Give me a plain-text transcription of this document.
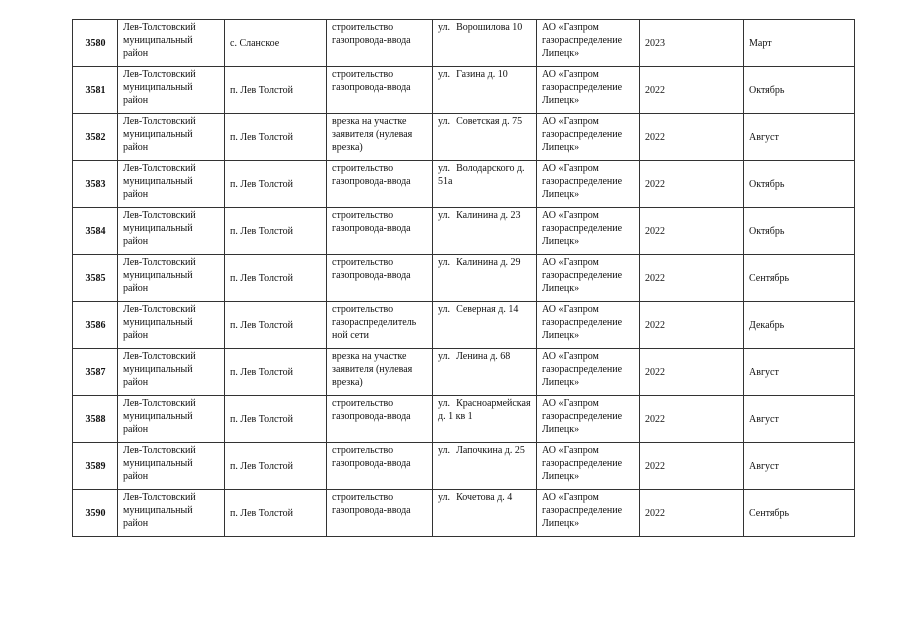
3580	Лев-Толстовский муниципальный район	с. Сланское	строительство газопровода-ввода	ул. Ворошилова 10	АО «Газпром газораспределение Липецк»	2023	Март
3581	Лев-Толстовский муниципальный район	п. Лев Толстой	строительство газопровода-ввода	ул. Газина д. 10	АО «Газпром газораспределение Липецк»	2022	Октябрь
3582	Лев-Толстовский муниципальный район	п. Лев Толстой	врезка на участке заявителя (нулевая врезка)	ул. Советская д. 75	АО «Газпром газораспределение Липецк»	2022	Август
3583	Лев-Толстовский муниципальный район	п. Лев Толстой	строительство газопровода-ввода	ул. Володарского д. 51а	АО «Газпром газораспределение Липецк»	2022	Октябрь
3584	Лев-Толстовский муниципальный район	п. Лев Толстой	строительство газопровода-ввода	ул. Калинина д. 23	АО «Газпром газораспределение Липецк»	2022	Октябрь
3585	Лев-Толстовский муниципальный район	п. Лев Толстой	строительство газопровода-ввода	ул. Калинина д. 29	АО «Газпром газораспределение Липецк»	2022	Сентябрь
3586	Лев-Толстовский муниципальный район	п. Лев Толстой	строительство газораспределитель ной сети	ул. Северная д. 14	АО «Газпром газораспределение Липецк»	2022	Декабрь
3587	Лев-Толстовский муниципальный район	п. Лев Толстой	врезка на участке заявителя (нулевая врезка)	ул. Ленина д. 68	АО «Газпром газораспределение Липецк»	2022	Август
3588	Лев-Толстовский муниципальный район	п. Лев Толстой	строительство газопровода-ввода	ул. Красноармейская д. 1 кв 1	АО «Газпром газораспределение Липецк»	2022	Август
3589	Лев-Толстовский муниципальный район	п. Лев Толстой	строительство газопровода-ввода	ул. Лапочкина д. 25	АО «Газпром газораспределение Липецк»	2022	Август
3590	Лев-Толстовский муниципальный район	п. Лев Толстой	строительство газопровода-ввода	ул. Кочетова д. 4	АО «Газпром газораспределение Липецк»	2022	Сентябрь
